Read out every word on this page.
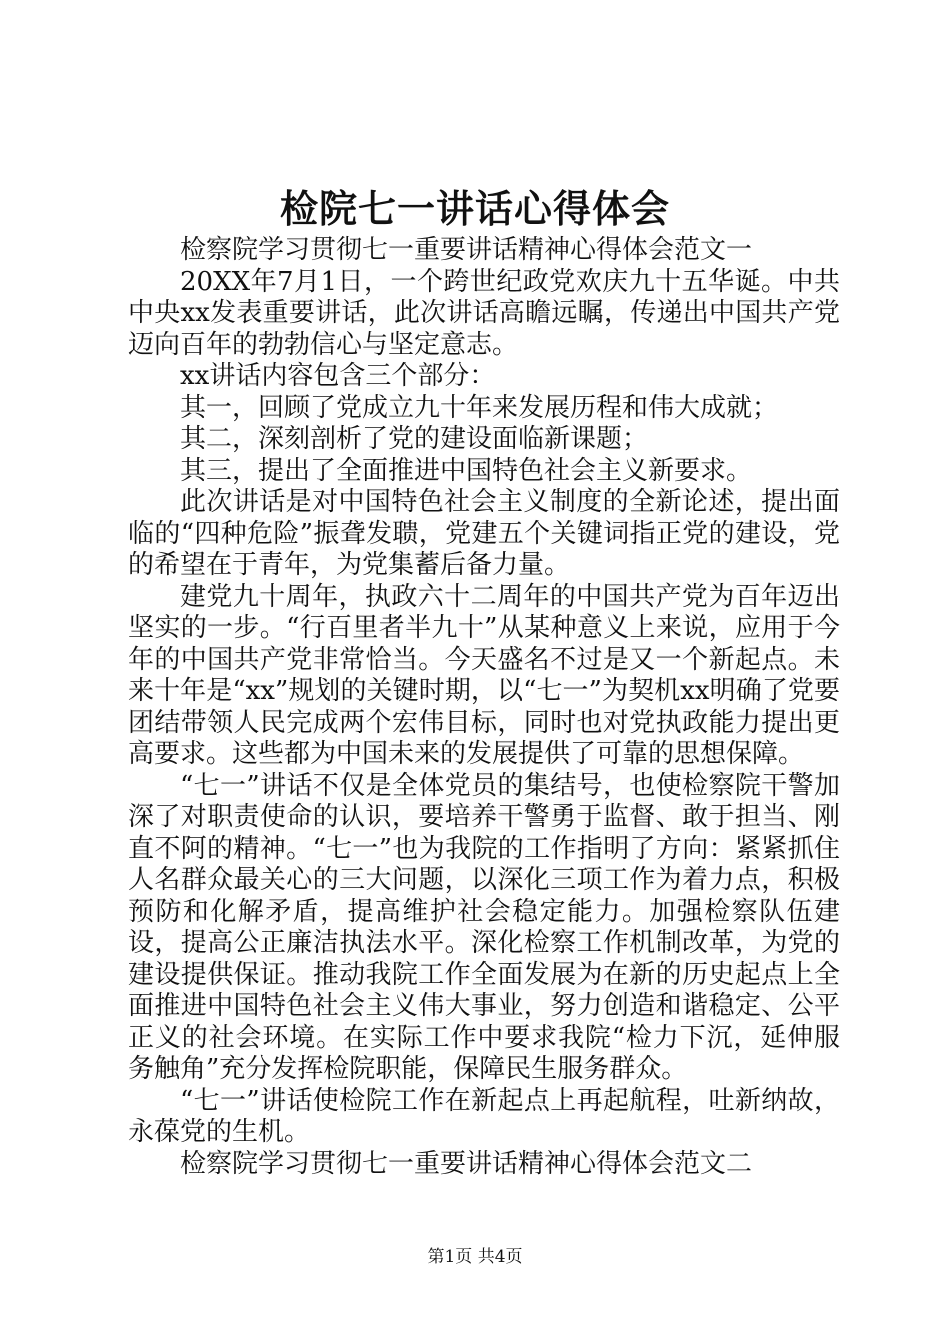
检院七一讲话心得体会

检察院学习贯彻七一重要讲话精神心得体会范文一

20XX年7月1日，一个跨世纪政党欢庆九十五华诞。中共中央xx发表重要讲话，此次讲话高瞻远瞩，传递出中国共产党迈向百年的勃勃信心与坚定意志。

xx讲话内容包含三个部分：

其一，回顾了党成立九十年来发展历程和伟大成就；

其二，深刻剖析了党的建设面临新课题；

其三，提出了全面推进中国特色社会主义新要求。

此次讲话是对中国特色社会主义制度的全新论述，提出面临的“四种危险”振聋发聩，党建五个关键词指正党的建设，党的希望在于青年，为党集蓄后备力量。

建党九十周年，执政六十二周年的中国共产党为百年迈出坚实的一步。“行百里者半九十”从某种意义上来说，应用于今年的中国共产党非常恰当。今天盛名不过是又一个新起点。未来十年是“xx”规划的关键时期，以“七一”为契机xx明确了党要团结带领人民完成两个宏伟目标，同时也对党执政能力提出更高要求。这些都为中国未来的发展提供了可靠的思想保障。

“七一”讲话不仅是全体党员的集结号，也使检察院干警加深了对职责使命的认识，要培养干警勇于监督、敢于担当、刚直不阿的精神。“七一”也为我院的工作指明了方向：紧紧抓住人名群众最关心的三大问题，以深化三项工作为着力点，积极预防和化解矛盾，提高维护社会稳定能力。加强检察队伍建设，提高公正廉洁执法水平。深化检察工作机制改革，为党的建设提供保证。推动我院工作全面发展为在新的历史起点上全面推进中国特色社会主义伟大事业，努力创造和谐稳定、公平正义的社会环境。在实际工作中要求我院“检力下沉，延伸服务触角”充分发挥检院职能，保障民生服务群众。

“七一”讲话使检院工作在新起点上再起航程，吐新纳故，永葆党的生机。

检察院学习贯彻七一重要讲话精神心得体会范文二

第1页 共4页
